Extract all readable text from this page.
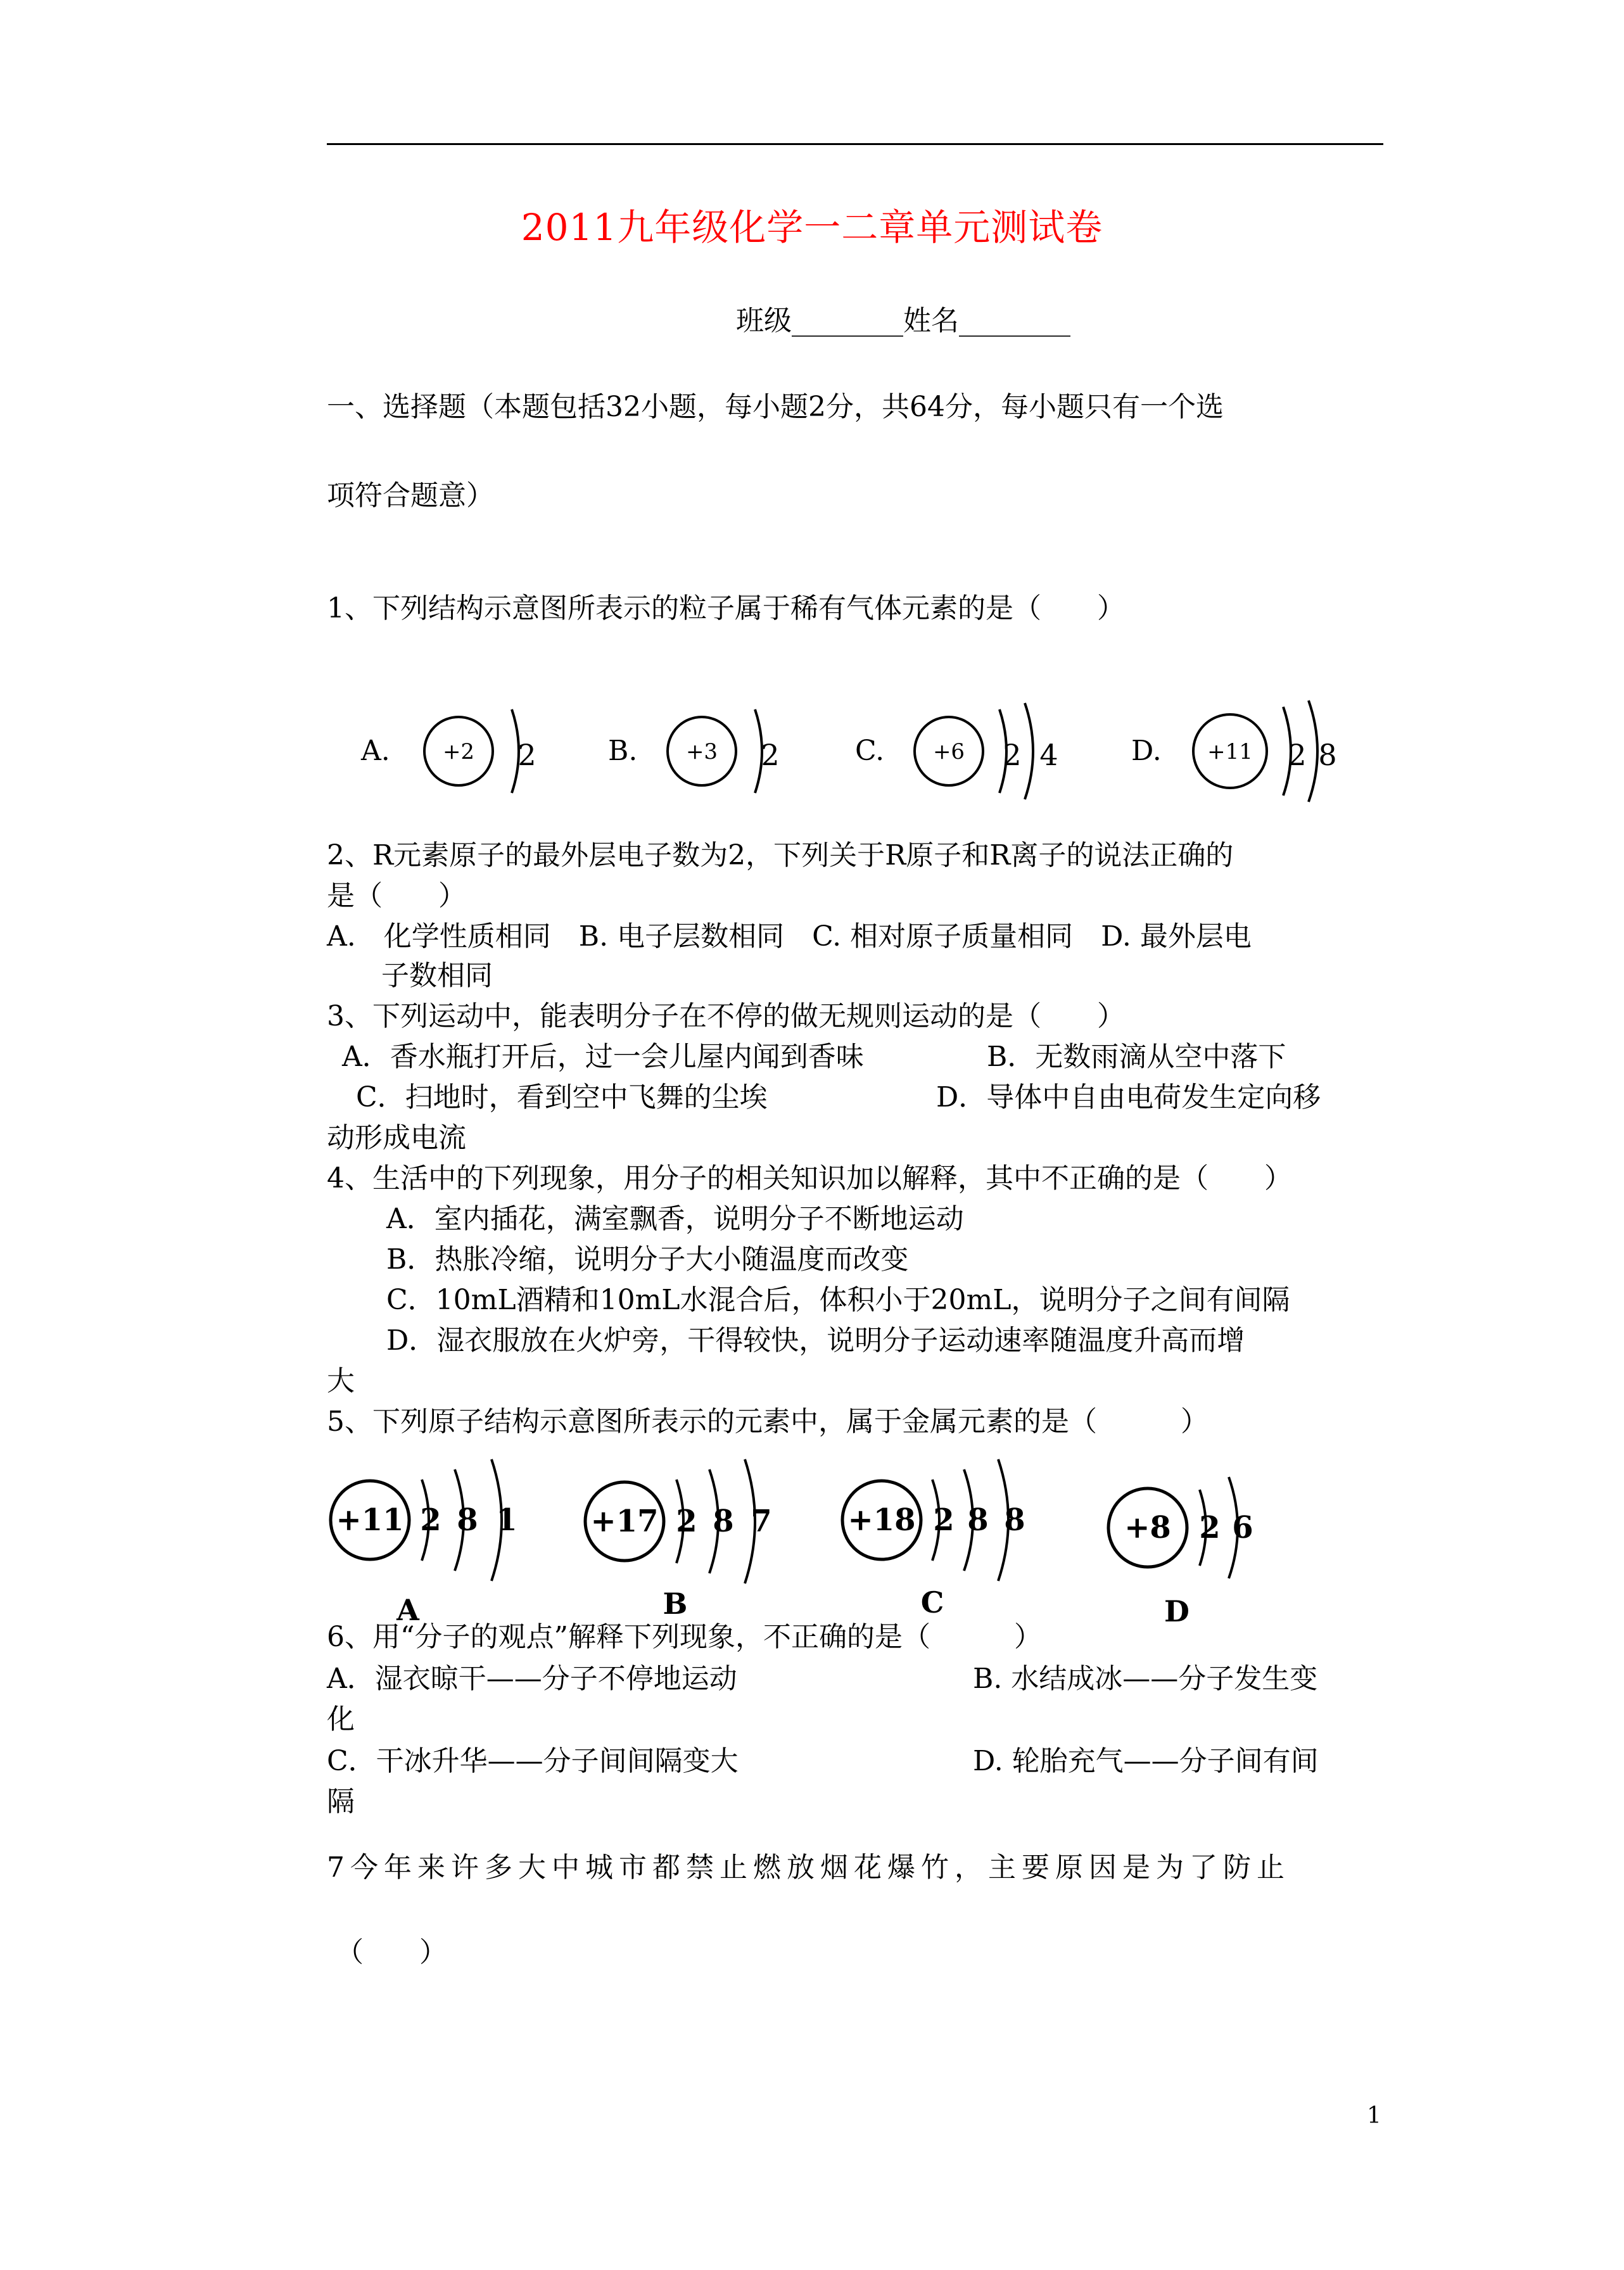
2011九年级化学一二章单元测试卷
班级________姓名________
一、选择题（本题包括32小题，每小题2分，共64分，每小题只有一个选
项符合题意）
1、下列结构示意图所表示的粒子属于稀有气体元素的是（　　）
A. +2 2	B. +3 2	C. +6 2 4	D. +11 2 8
2、R元素原子的最外层电子数为2，下列关于R原子和R离子的说法正确的
是（　　）
A.　化学性质相同　B. 电子层数相同　C. 相对原子质量相同　D. 最外层电
子数相同
3、下列运动中，能表明分子在不停的做无规则运动的是（　　）
A．香水瓶打开后，过一会儿屋内闻到香味	B．无数雨滴从空中落下
C．扫地时，看到空中飞舞的尘埃	D．导体中自由电荷发生定向移
动形成电流
4、生活中的下列现象，用分子的相关知识加以解释，其中不正确的是（　　）
A．室内插花，满室飘香，说明分子不断地运动
B．热胀冷缩，说明分子大小随温度而改变
C．10mL酒精和10mL水混合后，体积小于20mL，说明分子之间有间隔
D．湿衣服放在火炉旁，干得较快，说明分子运动速率随温度升高而增
大
5、下列原子结构示意图所表示的元素中，属于金属元素的是（　　　）
+11 2 8 1
A
+17 2 8 7
B
+18 2 8 8
C
+8 2 6
D
6、用“分子的观点”解释下列现象，不正确的是（　　　）
A．湿衣晾干——分子不停地运动	B. 水结成冰——分子发生变
化
C．干冰升华——分子间间隔变大	D. 轮胎充气——分子间有间
隔
7今年来许多大中城市都禁止燃放烟花爆竹，主要原因是为了防止
（　　）
1
